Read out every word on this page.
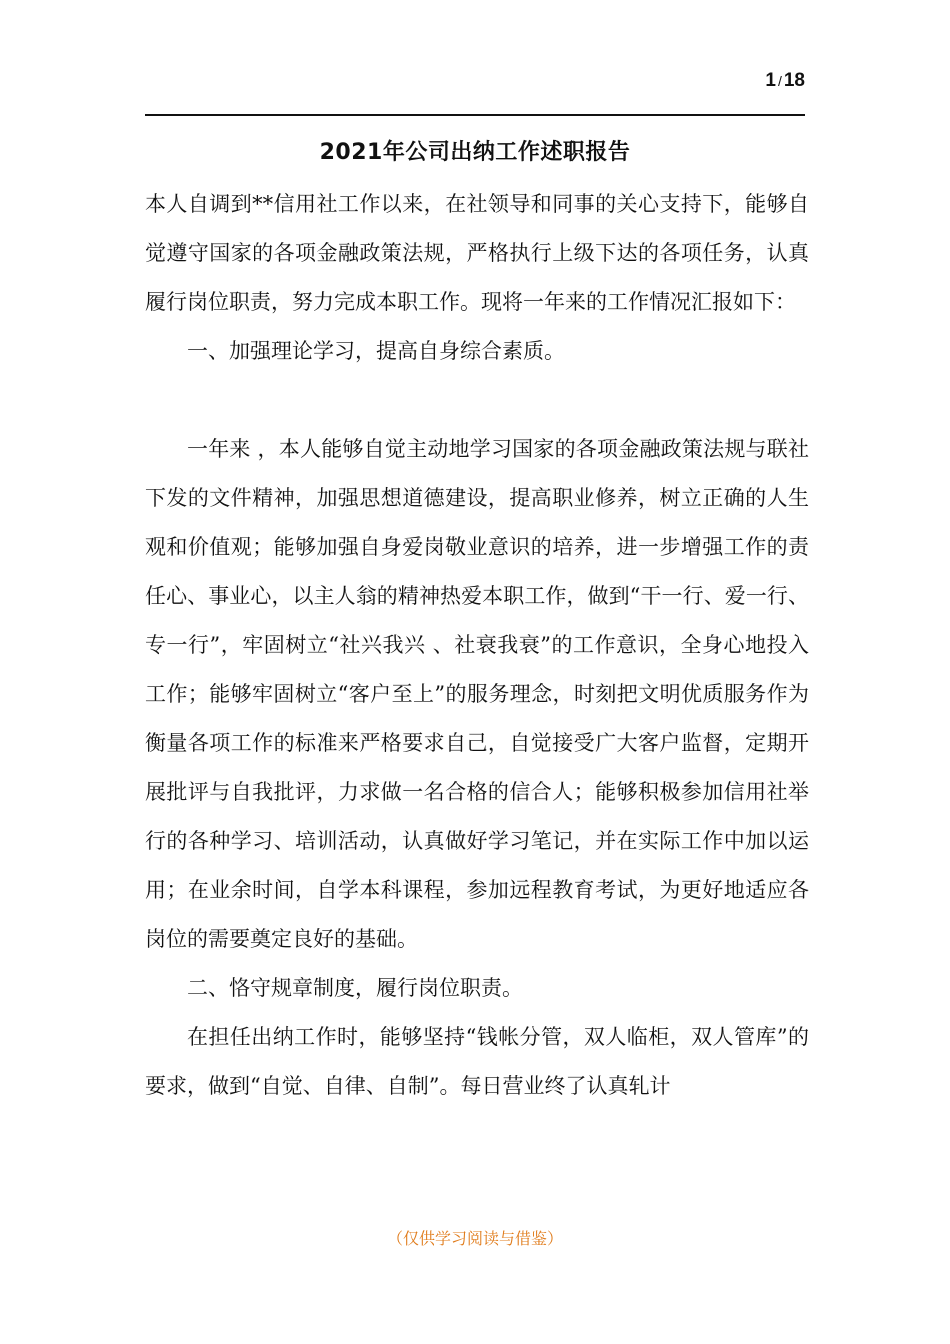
1 / 18
2021年公司出纳工作述职报告

本人自调到**信用社工作以来，在社领导和同事的关心支持下，能够自觉遵守国家的各项金融政策法规，严格执行上级下达的各项任务，认真履行岗位职责，努力完成本职工作。现将一年来的工作情况汇报如下：

一、加强理论学习，提高自身综合素质。

一年来 ，本人能够自觉主动地学习国家的各项金融政策法规与联社下发的文件精神，加强思想道德建设，提高职业修养，树立正确的人生观和价值观；能够加强自身爱岗敬业意识的培养，进一步增强工作的责任心、事业心，以主人翁的精神热爱本职工作，做到“干一行、爱一行、专一行”，牢固树立“社兴我兴 、社衰我衰”的工作意识，全身心地投入工作；能够牢固树立“客户至上”的服务理念，时刻把文明优质服务作为衡量各项工作的标准来严格要求自己，自觉接受广大客户监督，定期开展批评与自我批评，力求做一名合格的信合人；能够积极参加信用社举行的各种学习、培训活动，认真做好学习笔记，并在实际工作中加以运用；在业余时间，自学本科课程，参加远程教育考试，为更好地适应各岗位的需要奠定良好的基础。

二、恪守规章制度，履行岗位职责。

在担任出纳工作时，能够坚持“钱帐分管，双人临柜，双人管库”的要求，做到“自觉、自律、自制”。每日营业终了认真轧计

（仅供学习阅读与借鉴）
